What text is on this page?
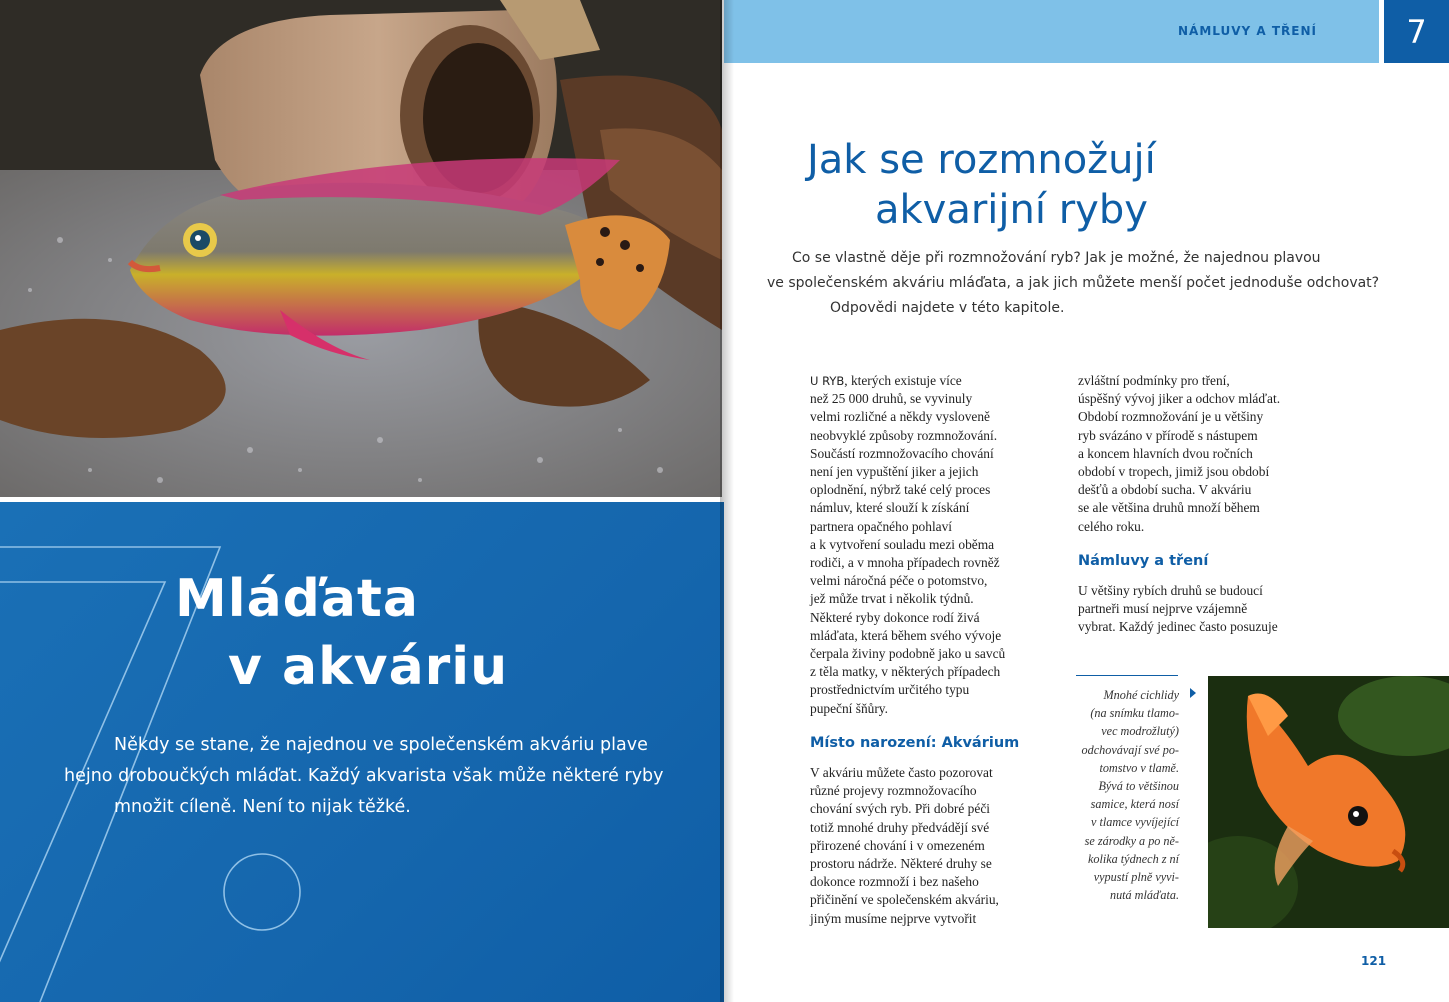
Mláďata
v akváriu
Někdy se stane, že najednou ve společenském akváriu plave
hejno droboučkých mláďat. Každý akvarista však může některé ryby
množit cíleně. Není to nijak těžké.
NÁMLUVY A TŘENÍ	7
Jak se rozmnožují
akvarijní ryby
Co se vlastně děje při rozmnožování ryb? Jak je možné, že najednou plavou
ve společenském akváriu mláďata, a jak jich můžete menší počet jednoduše odchovat?
Odpovědi najdete v této kapitole.
U RYB, kterých existuje více
než 25 000 druhů, se vyvinuly
velmi rozličné a někdy vysloveně
neobvyklé způsoby rozmnožování.
Součástí rozmnožovacího chování
není jen vypuštění jiker a jejich
oplodnění, nýbrž také celý proces
námluv, které slouží k získání
partnera opačného pohlaví
a k vytvoření souladu mezi oběma
rodiči, a v mnoha případech rovněž
velmi náročná péče o potomstvo,
jež může trvat i několik týdnů.
Některé ryby dokonce rodí živá
mláďata, která během svého vývoje
čerpala živiny podobně jako u savců
z těla matky, v některých případech
prostřednictvím určitého typu
pupeční šňůry.
Místo narození: Akvárium
V akváriu můžete často pozorovat
různé projevy rozmnožovacího
chování svých ryb. Při dobré péči
totiž mnohé druhy předvádějí své
přirozené chování i v omezeném
prostoru nádrže. Některé druhy se
dokonce rozmnoží i bez našeho
přičinění ve společenském akváriu,
jiným musíme nejprve vytvořit
zvláštní podmínky pro tření,
úspěšný vývoj jiker a odchov mláďat.
Období rozmnožování je u většiny
ryb svázáno v přírodě s nástupem
a koncem hlavních dvou ročních
období v tropech, jimiž jsou období
dešťů a období sucha. V akváriu
se ale většina druhů množí během
celého roku.
Námluvy a tření
U většiny rybích druhů se budoucí
partneři musí nejprve vzájemně
vybrat. Každý jedinec často posuzuje
Mnohé cichlidy
(na snímku tlamo-
vec modrožlutý)
odchovávají své po-
tomstvo v tlamě.
Bývá to většinou
samice, která nosí
v tlamce vyvíjející
se zárodky a po ně-
kolika týdnech z ní
vypustí plně vyvi-
nutá mláďata.
121
